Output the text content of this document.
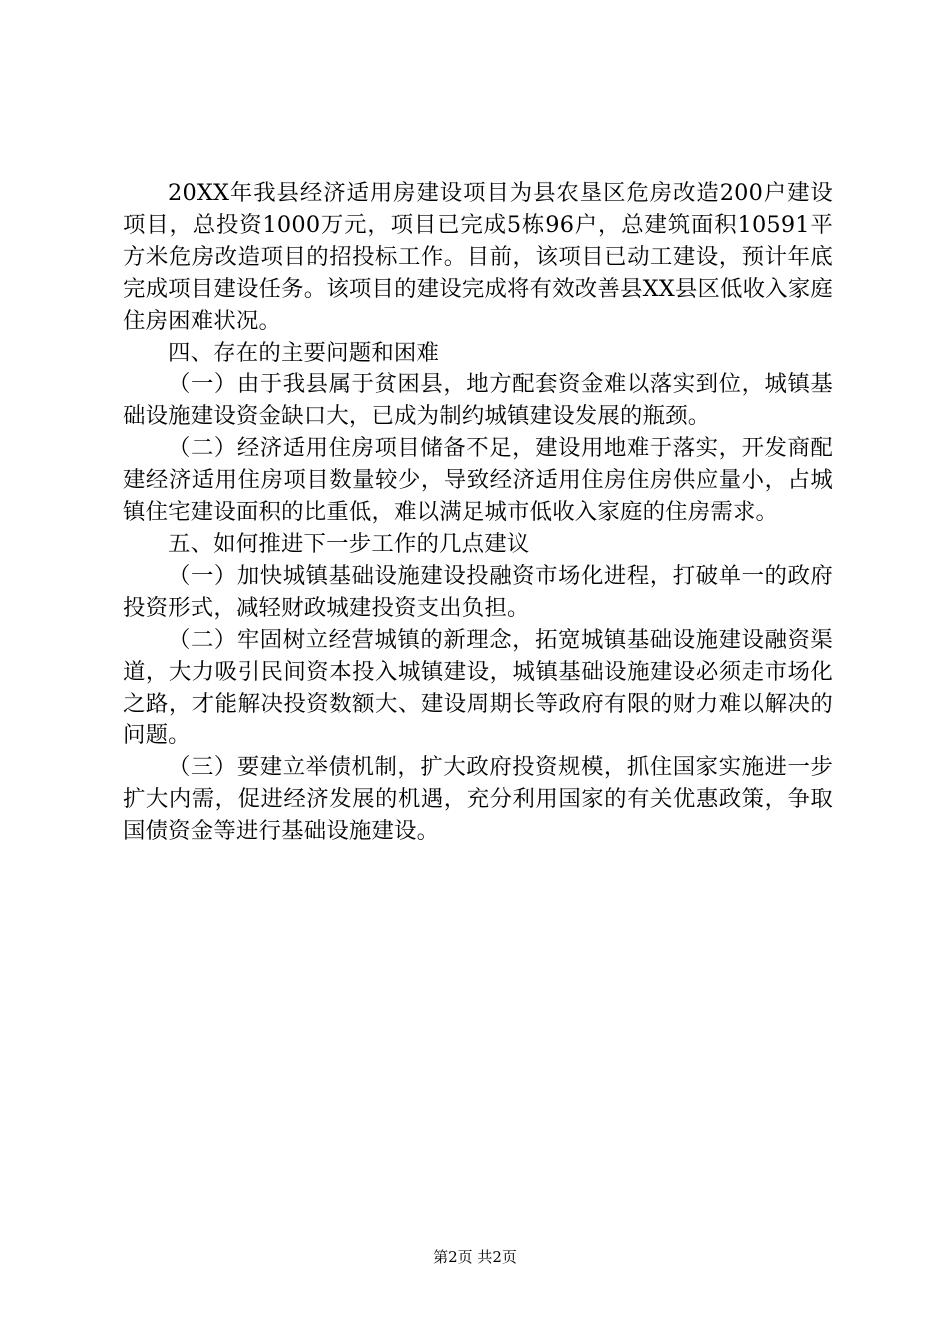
20XX年我县经济适用房建设项目为县农垦区危房改造200户建设项目，总投资1000万元，项目已完成5栋96户，总建筑面积10591平方米危房改造项目的招投标工作。目前，该项目已动工建设，预计年底完成项目建设任务。该项目的建设完成将有效改善县XX县区低收入家庭住房困难状况。

四、存在的主要问题和困难

（一）由于我县属于贫困县，地方配套资金难以落实到位，城镇基础设施建设资金缺口大，已成为制约城镇建设发展的瓶颈。

（二）经济适用住房项目储备不足，建设用地难于落实，开发商配建经济适用住房项目数量较少，导致经济适用住房住房供应量小，占城镇住宅建设面积的比重低，难以满足城市低收入家庭的住房需求。

五、如何推进下一步工作的几点建议

（一）加快城镇基础设施建设投融资市场化进程，打破单一的政府投资形式，减轻财政城建投资支出负担。

（二）牢固树立经营城镇的新理念，拓宽城镇基础设施建设融资渠道，大力吸引民间资本投入城镇建设，城镇基础设施建设必须走市场化之路，才能解决投资数额大、建设周期长等政府有限的财力难以解决的问题。

（三）要建立举债机制，扩大政府投资规模，抓住国家实施进一步扩大内需，促进经济发展的机遇，充分利用国家的有关优惠政策，争取国债资金等进行基础设施建设。

第2页 共2页
